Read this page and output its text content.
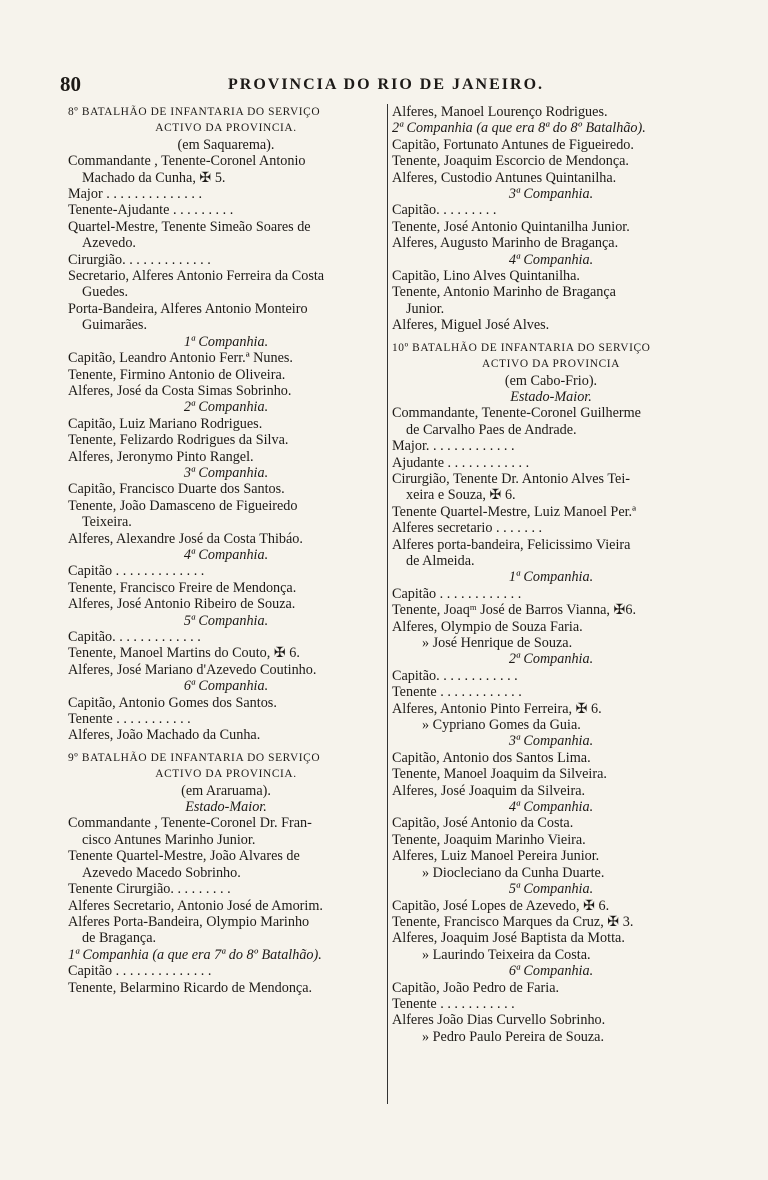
80	PROVINCIA DO RIO DE JANEIRO.
8º BATALHÃO DE INFANTARIA DO SERVIÇO
ACTIVO DA PROVINCIA.
(em Saquarema).
Commandante , Tenente-Coronel Antonio
Machado da Cunha, ✠ 5.
Major . . . . . . . . . . . . . .
Tenente-Ajudante . . . . . . . . .
Quartel-Mestre, Tenente Simeão Soares de
Azevedo.
Cirurgião. . . . . . . . . . . . .
Secretario, Alferes Antonio Ferreira da Costa
Guedes.
Porta-Bandeira, Alferes Antonio Monteiro
Guimarães.
1ª Companhia.
Capitão, Leandro Antonio Ferr.ª Nunes.
Tenente, Firmino Antonio de Oliveira.
Alferes, José da Costa Simas Sobrinho.
2ª Companhia.
Capitão, Luiz Mariano Rodrigues.
Tenente, Felizardo Rodrigues da Silva.
Alferes, Jeronymo Pinto Rangel.
3ª Companhia.
Capitão, Francisco Duarte dos Santos.
Tenente, João Damasceno de Figueiredo
Teixeira.
Alferes, Alexandre José da Costa Thibáo.
4ª Companhia.
Capitão . . . . . . . . . . . . .
Tenente, Francisco Freire de Mendonça.
Alferes, José Antonio Ribeiro de Souza.
5ª Companhia.
Capitão. . . . . . . . . . . . .
Tenente, Manoel Martins do Couto, ✠ 6.
Alferes, José Mariano d'Azevedo Coutinho.
6ª Companhia.
Capitão, Antonio Gomes dos Santos.
Tenente . . . . . . . . . . .
Alferes, João Machado da Cunha.
9º BATALHÃO DE INFANTARIA DO SERVIÇO
ACTIVO DA PROVINCIA.
(em Araruama).
Estado-Maior.
Commandante , Tenente-Coronel Dr. Fran-
cisco Antunes Marinho Junior.
Tenente Quartel-Mestre, João Alvares de
Azevedo Macedo Sobrinho.
Tenente Cirurgião. . . . . . . . .
Alferes Secretario, Antonio José de Amorim.
Alferes Porta-Bandeira, Olympio Marinho
de Bragança.
1ª Companhia (a que era 7ª do 8º Batalhão).
Capitão . . . . . . . . . . . . . .
Tenente, Belarmino Ricardo de Mendonça.
Alferes, Manoel Lourenço Rodrigues.
2ª Companhia (a que era 8ª do 8º Batalhão).
Capitão, Fortunato Antunes de Figueiredo.
Tenente, Joaquim Escorcio de Mendonça.
Alferes, Custodio Antunes Quintanilha.
3ª Companhia.
Capitão. . . . . . . . .
Tenente, José Antonio Quintanilha Junior.
Alferes, Augusto Marinho de Bragança.
4ª Companhia.
Capitão, Lino Alves Quintanilha.
Tenente, Antonio Marinho de Bragança
Junior.
Alferes, Miguel José Alves.
10º BATALHÃO DE INFANTARIA DO SERVIÇO
ACTIVO DA PROVINCIA
(em Cabo-Frio).
Estado-Maior.
Commandante, Tenente-Coronel Guilherme
de Carvalho Paes de Andrade.
Major. . . . . . . . . . . . .
Ajudante . . . . . . . . . . . .
Cirurgião, Tenente Dr. Antonio Alves Tei-
xeira e Souza, ✠ 6.
Tenente Quartel-Mestre, Luiz Manoel Per.ª
Alferes secretario . . . . . . .
Alferes porta-bandeira, Felicissimo Vieira
de Almeida.
1ª Companhia.
Capitão . . . . . . . . . . . .
Tenente, Joaqᵐ José de Barros Vianna, ✠6.
Alferes, Olympio de Souza Faria.
» José Henrique de Souza.
2ª Companhia.
Capitão. . . . . . . . . . . .
Tenente . . . . . . . . . . . .
Alferes, Antonio Pinto Ferreira, ✠ 6.
» Cypriano Gomes da Guia.
3ª Companhia.
Capitão, Antonio dos Santos Lima.
Tenente, Manoel Joaquim da Silveira.
Alferes, José Joaquim da Silveira.
4ª Companhia.
Capitão, José Antonio da Costa.
Tenente, Joaquim Marinho Vieira.
Alferes, Luiz Manoel Pereira Junior.
» Diocleciano da Cunha Duarte.
5ª Companhia.
Capitão, José Lopes de Azevedo, ✠ 6.
Tenente, Francisco Marques da Cruz, ✠ 3.
Alferes, Joaquim José Baptista da Motta.
» Laurindo Teixeira da Costa.
6ª Companhia.
Capitão, João Pedro de Faria.
Tenente . . . . . . . . . . .
Alferes João Dias Curvello Sobrinho.
» Pedro Paulo Pereira de Souza.
